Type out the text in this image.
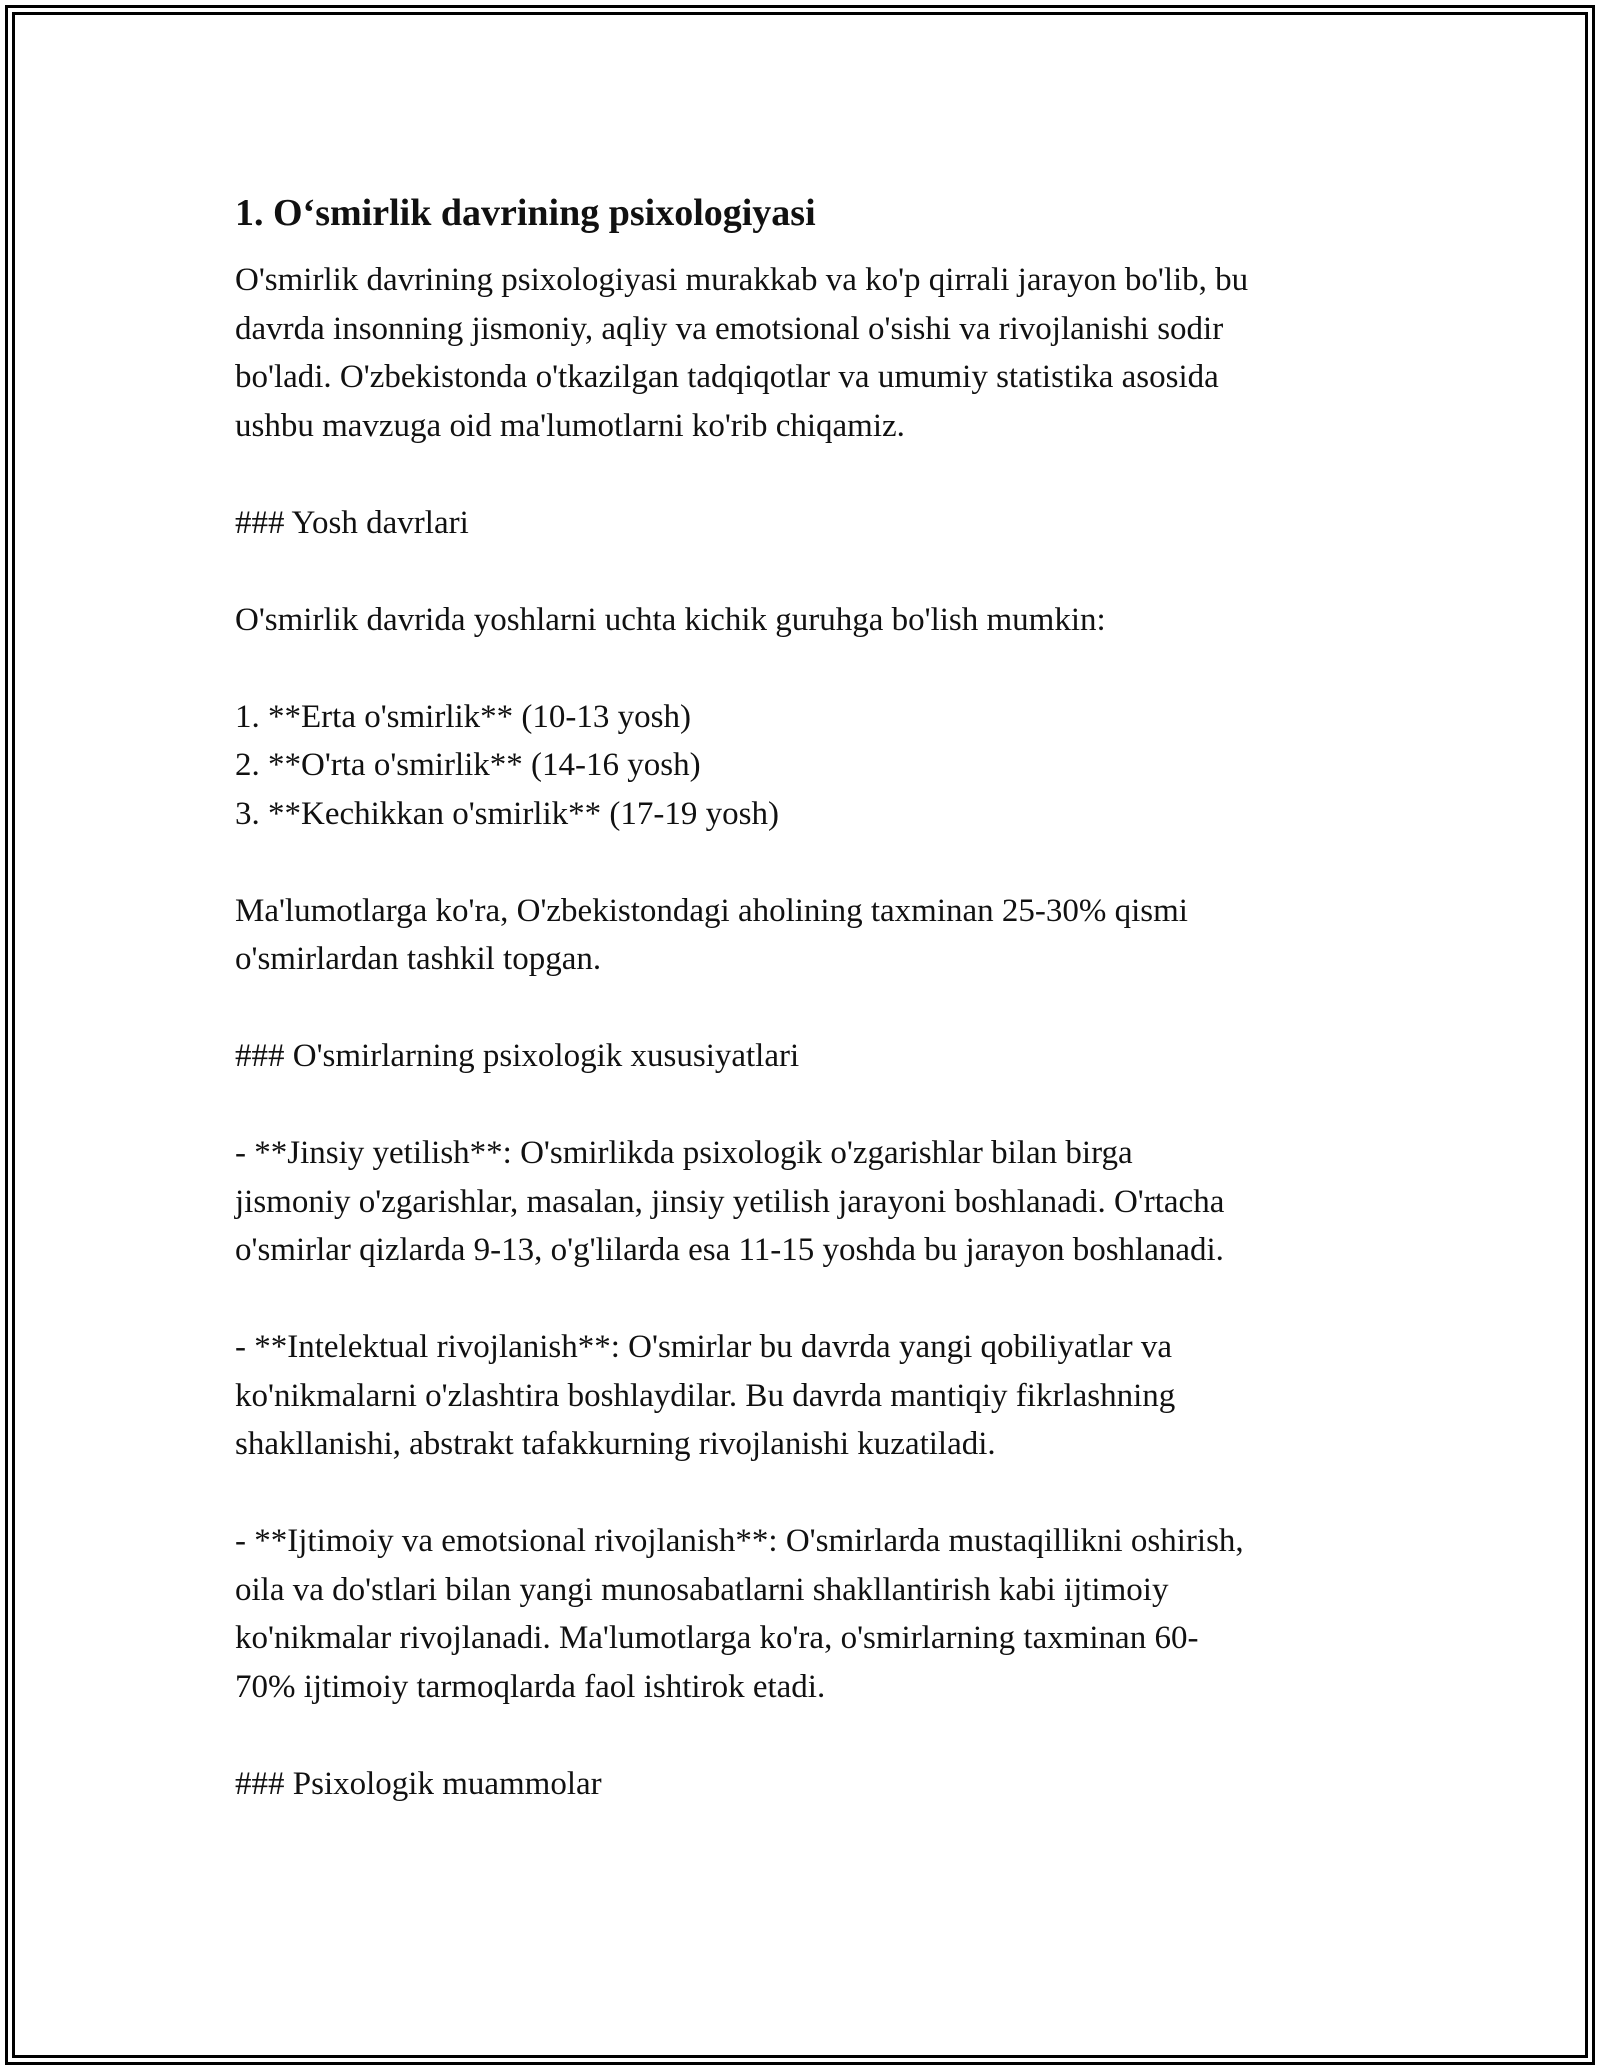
1. O‘smirlik davrining psixologiyasi
O'smirlik davrining psixologiyasi murakkab va ko'p qirrali jarayon bo'lib, bu
davrda insonning jismoniy, aqliy va emotsional o'sishi va rivojlanishi sodir
bo'ladi. O'zbekistonda o'tkazilgan tadqiqotlar va umumiy statistika asosida
ushbu mavzuga oid ma'lumotlarni ko'rib chiqamiz.
### Yosh davrlari
O'smirlik davrida yoshlarni uchta kichik guruhga bo'lish mumkin:
1. **Erta o'smirlik** (10-13 yosh)
2. **O'rta o'smirlik** (14-16 yosh)
3. **Kechikkan o'smirlik** (17-19 yosh)
Ma'lumotlarga ko'ra, O'zbekistondagi aholining taxminan 25-30% qismi
o'smirlardan tashkil topgan.
### O'smirlarning psixologik xususiyatlari
- **Jinsiy yetilish**: O'smirlikda psixologik o'zgarishlar bilan birga
jismoniy o'zgarishlar, masalan, jinsiy yetilish jarayoni boshlanadi. O'rtacha
o'smirlar qizlarda 9-13, o'g'lilarda esa 11-15 yoshda bu jarayon boshlanadi.
- **Intelektual rivojlanish**: O'smirlar bu davrda yangi qobiliyatlar va
ko'nikmalarni o'zlashtira boshlaydilar. Bu davrda mantiqiy fikrlashning
shakllanishi, abstrakt tafakkurning rivojlanishi kuzatiladi.
- **Ijtimoiy va emotsional rivojlanish**: O'smirlarda mustaqillikni oshirish,
oila va do'stlari bilan yangi munosabatlarni shakllantirish kabi ijtimoiy
ko'nikmalar rivojlanadi. Ma'lumotlarga ko'ra, o'smirlarning taxminan 60-
70% ijtimoiy tarmoqlarda faol ishtirok etadi.
### Psixologik muammolar
